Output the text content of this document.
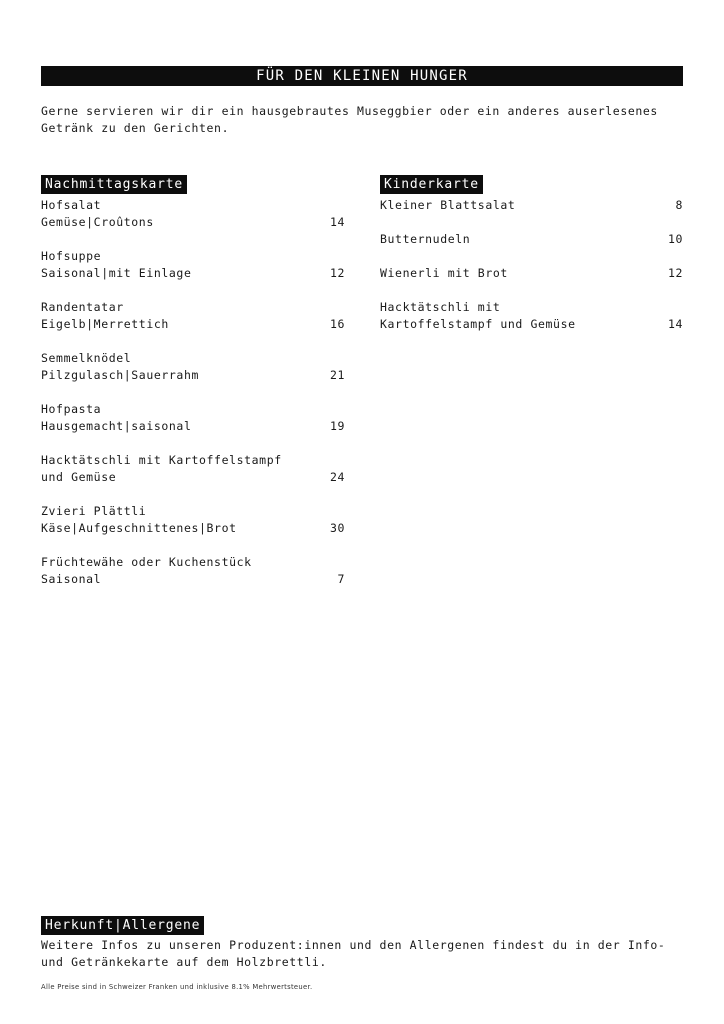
FÜR DEN KLEINEN HUNGER
Gerne servieren wir dir ein hausgebrautes Museggbier oder ein anderes auserlesenes Getränk zu den Gerichten.
Nachmittagskarte
Hofsalat
Gemüse|Croûtons	14
Hofsuppe
Saisonal|mit Einlage	12
Randentatar
Eigelb|Merrettich	16
Semmelknödel
Pilzgulasch|Sauerrahm	21
Hofpasta
Hausgemacht|saisonal	19
Hacktätschli mit Kartoffelstampf
und Gemüse	24
Zvieri Plättli
Käse|Aufgeschnittenes|Brot	30
Früchtewähe oder Kuchenstück
Saisonal	7
Kinderkarte
Kleiner Blattsalat	8
Butternudeln	10
Wienerli mit Brot	12
Hacktätschli mit
Kartoffelstampf und Gemüse	14
Herkunft|Allergene
Weitere Infos zu unseren Produzent:innen und den Allergenen findest du in der Info- und Getränkekarte auf dem Holzbrettli.
Alle Preise sind in Schweizer Franken und inklusive 8.1% Mehrwertsteuer.
